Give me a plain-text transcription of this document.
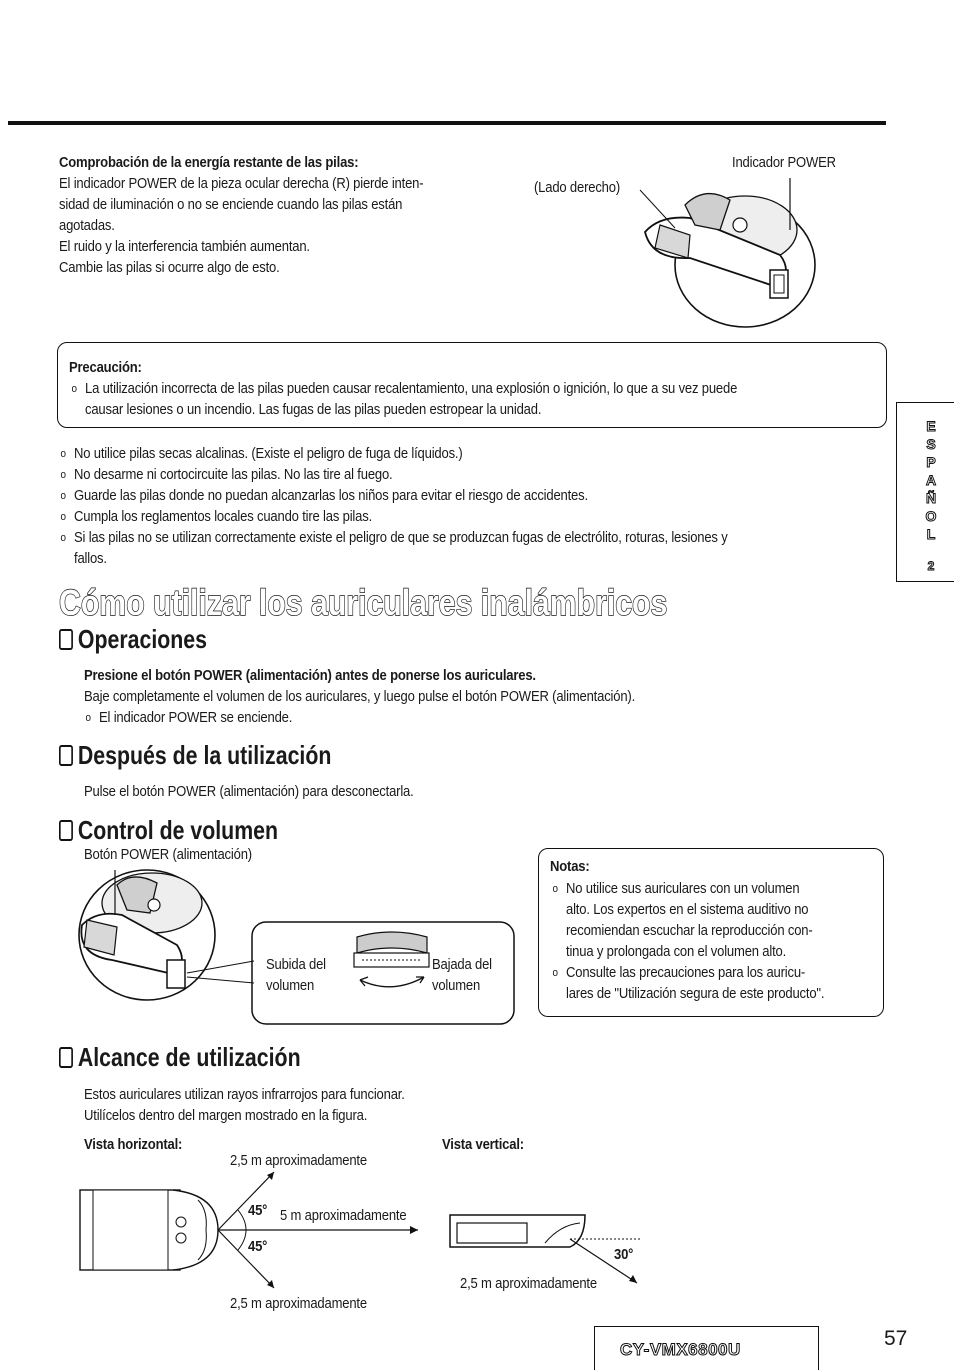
Comprobación de la energía restante de las pilas:
El indicador POWER de la pieza ocular derecha (R) pierde inten-
sidad de iluminación o no se enciende cuando las pilas están
agotadas.
El ruido y la interferencia también aumentan.
Cambie las pilas si ocurre algo de esto.
Indicador POWER
(Lado derecho)
Precaución:
o La utilización incorrecta de las pilas pueden causar recalentamiento, una explosión o ignición, lo que a su vez puede
causar lesiones o un incendio. Las fugas de las pilas pueden estropear la unidad.
o No utilice pilas secas alcalinas. (Existe el peligro de fuga de líquidos.)
o No desarme ni cortocircuite las pilas. No las tire al fuego.
o Guarde las pilas donde no puedan alcanzarlas los niños para evitar el riesgo de accidentes.
o Cumpla los reglamentos locales cuando tire las pilas.
o Si las pilas no se utilizan correctamente existe el peligro de que se produzcan fugas de electrólito, roturas, lesiones y
fallos.
E
S
P
A
Ñ
O
L
2
Cómo utilizar los auriculares inalámbricos
Operaciones
Presione el botón POWER (alimentación) antes de ponerse los auriculares.
Baje completamente el volumen de los auriculares, y luego pulse el botón POWER (alimentación).
o El indicador POWER se enciende.
Después de la utilización
Pulse el botón POWER (alimentación) para desconectarla.
Control de volumen
Botón POWER (alimentación)
Subida del
volumen
Bajada del
volumen
Notas:
o No utilice sus auriculares con un volumen
alto. Los expertos en el sistema auditivo no
recomiendan escuchar la reproducción con-
tinua y prolongada con el volumen alto.
o Consulte las precauciones para los auricu-
lares de "Utilización segura de este producto".
Alcance de utilización
Estos auriculares utilizan rayos infrarrojos para funcionar.
Utilícelos dentro del margen mostrado en la figura.
Vista horizontal:	Vista vertical:
2,5 m aproximadamente
5 m aproximadamente
2,5 m aproximadamente
45°
45°	30°
2,5 m aproximadamente
CY-VMX6800U	57
